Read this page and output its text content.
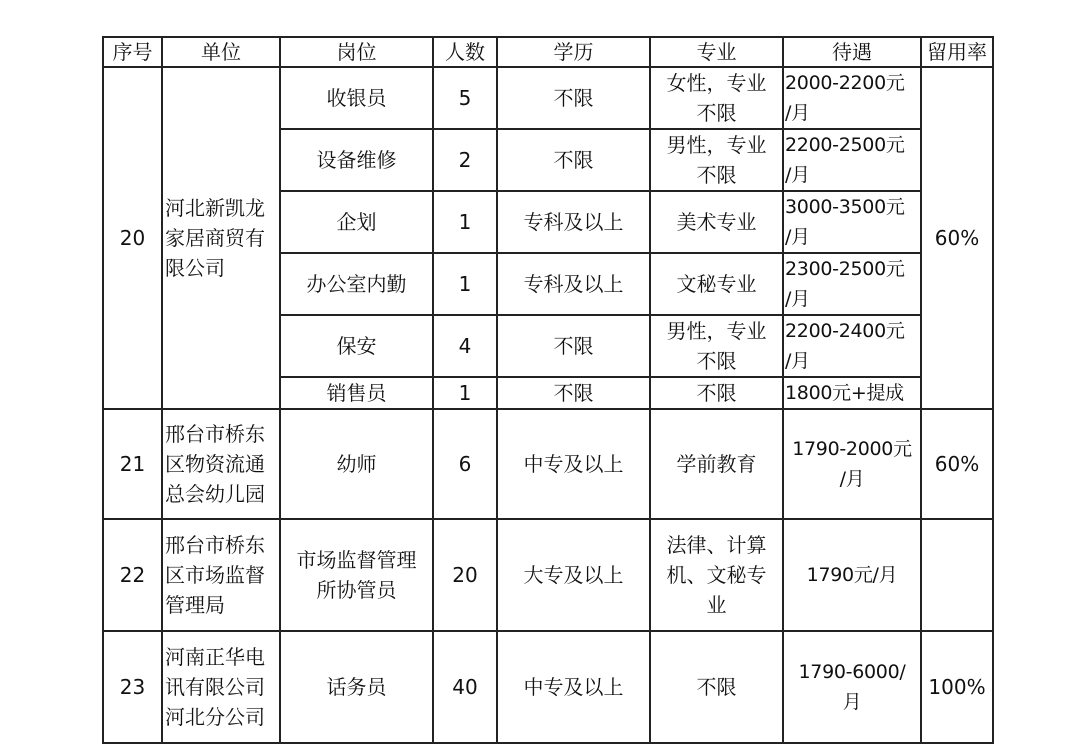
序号	单位	岗位	人数	学历	专业	待遇	留用率
20	河北新凯龙
家居商贸有
限公司	收银员	5	不限	女性，专业
不限	2000-2200元
/月	60%
		设备维修	2	不限	男性，专业
不限	2200-2500元
/月	
		企划	1	专科及以上	美术专业	3000-3500元
/月	
		办公室内勤	1	专科及以上	文秘专业	2300-2500元
/月	
		保安	4	不限	男性，专业
不限	2200-2400元
/月	
		销售员	1	不限	不限	1800元+提成	
21	邢台市桥东
区物资流通
总会幼儿园	幼师	6	中专及以上	学前教育	1790-2000元
/月	60%
22	邢台市桥东
区市场监督
管理局	市场监督管理
所协管员	20	大专及以上	法律、计算
机、文秘专
业	1790元/月	
23	河南正华电
讯有限公司
河北分公司	话务员	40	中专及以上	不限	1790-6000/
月	100%
